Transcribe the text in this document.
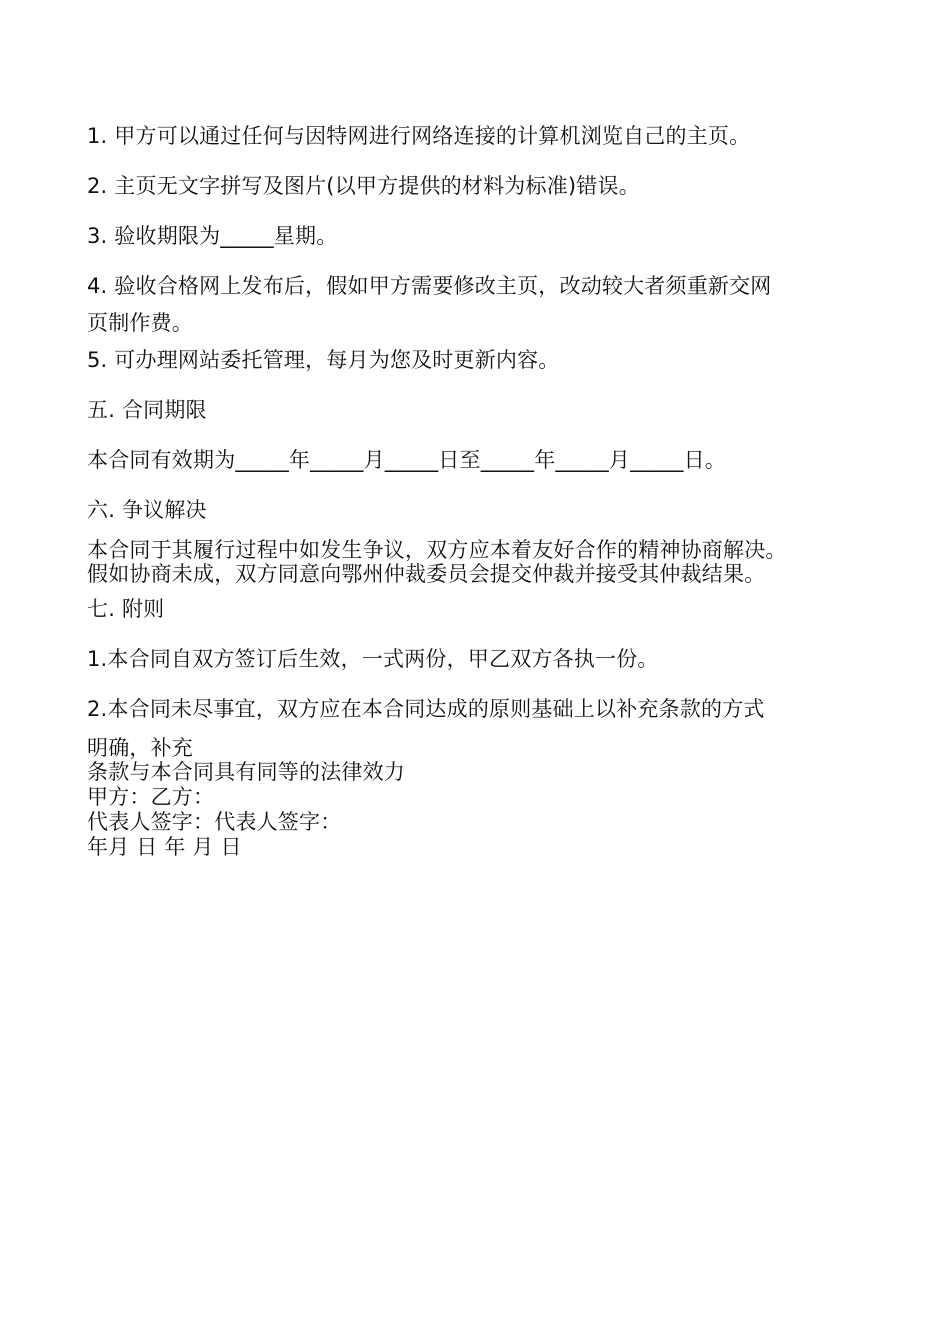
1. 甲方可以通过任何与因特网进行网络连接的计算机浏览自己的主页。
2. 主页无文字拼写及图片(以甲方提供的材料为标准)错误。
3. 验收期限为_____星期。
4. 验收合格网上发布后，假如甲方需要修改主页，改动较大者须重新交网
页制作费。
5. 可办理网站委托管理，每月为您及时更新内容。
五. 合同期限
本合同有效期为_____年_____月_____日至_____年_____月_____日。
六. 争议解决
本合同于其履行过程中如发生争议，双方应本着友好合作的精神协商解决。
假如协商未成，双方同意向鄂州仲裁委员会提交仲裁并接受其仲裁结果。
七. 附则
1.本合同自双方签订后生效，一式两份，甲乙双方各执一份。
2.本合同未尽事宜，双方应在本合同达成的原则基础上以补充条款的方式
明确，补充
条款与本合同具有同等的法律效力
甲方：乙方：
代表人签字：代表人签字：
年月 日 年 月 日
